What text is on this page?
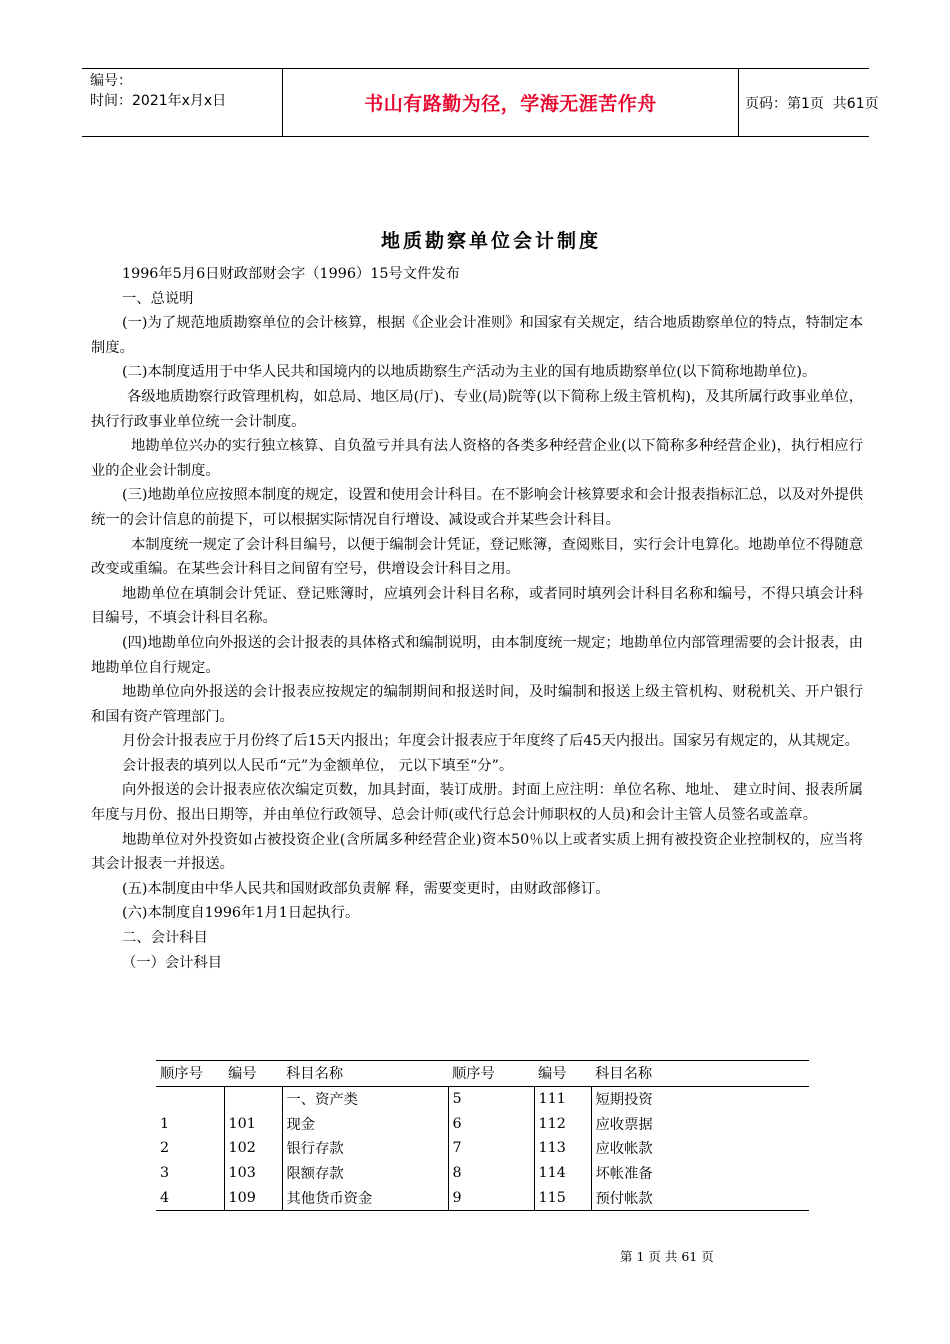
编号：
时间：2021年x月x日	书山有路勤为径，学海无涯苦作舟	页码：第1页  共61页
地质勘察单位会计制度

1996年5月6日财政部财会字（1996）15号文件发布

一、总说明

(一)为了规范地质勘察单位的会计核算，根据《企业会计准则》和国家有关规定，结合地质勘察单位的特点，特制定本制度。

(二)本制度适用于中华人民共和国境内的以地质勘察生产活动为主业的国有地质勘察单位(以下简称地勘单位)。

各级地质勘察行政管理机构，如总局、地区局(厅)、专业(局)院等(以下简称上级主管机构)，及其所属行政事业单位，执行行政事业单位统一会计制度。

地勘单位兴办的实行独立核算、自负盈亏并具有法人资格的各类多种经营企业(以下简称多种经营企业)，执行相应行业的企业会计制度。

(三)地勘单位应按照本制度的规定，设置和使用会计科目。在不影响会计核算要求和会计报表指标汇总，以及对外提供统一的会计信息的前提下，可以根据实际情况自行增设、减设或合并某些会计科目。

本制度统一规定了会计科目编号，以便于编制会计凭证，登记账簿，查阅账目，实行会计电算化。地勘单位不得随意改变或重编。在某些会计科目之间留有空号，供增设会计科目之用。

地勘单位在填制会计凭证、登记账簿时，应填列会计科目名称，或者同时填列会计科目名称和编号，不得只填会计科目编号，不填会计科目名称。

(四)地勘单位向外报送的会计报表的具体格式和编制说明，由本制度统一规定；地勘单位内部管理需要的会计报表，由地勘单位自行规定。

地勘单位向外报送的会计报表应按规定的编制期间和报送时间，及时编制和报送上级主管机构、财税机关、开户银行和国有资产管理部门。

月份会计报表应于月份终了后15天内报出；年度会计报表应于年度终了后45天内报出。国家另有规定的，从其规定。

会计报表的填列以人民币“元”为金额单位， 元以下填至“分”。

向外报送的会计报表应依次编定页数，加具封面，装订成册。封面上应注明：单位名称、地址、 建立时间、报表所属年度与月份、报出日期等，并由单位行政领导、总会计师(或代行总会计师职权的人员)和会计主管人员签名或盖章。

地勘单位对外投资如占被投资企业(含所属多种经营企业)资本50％以上或者实质上拥有被投资企业控制权的，应当将其会计报表一并报送。

(五)本制度由中华人民共和国财政部负责解 释，需要变更时，由财政部修订。

(六)本制度自1996年1月1日起执行。

二、会计科目

（一）会计科目

顺序号	编号	科目名称	顺序号	编号	科目名称
		一、资产类	5	111	短期投资
1	101	现金	6	112	应收票据
2	102	银行存款	7	113	应收帐款
3	103	限额存款	8	114	坏帐准备
4	109	其他货币资金	9	115	预付帐款
第 1 页 共 61 页
